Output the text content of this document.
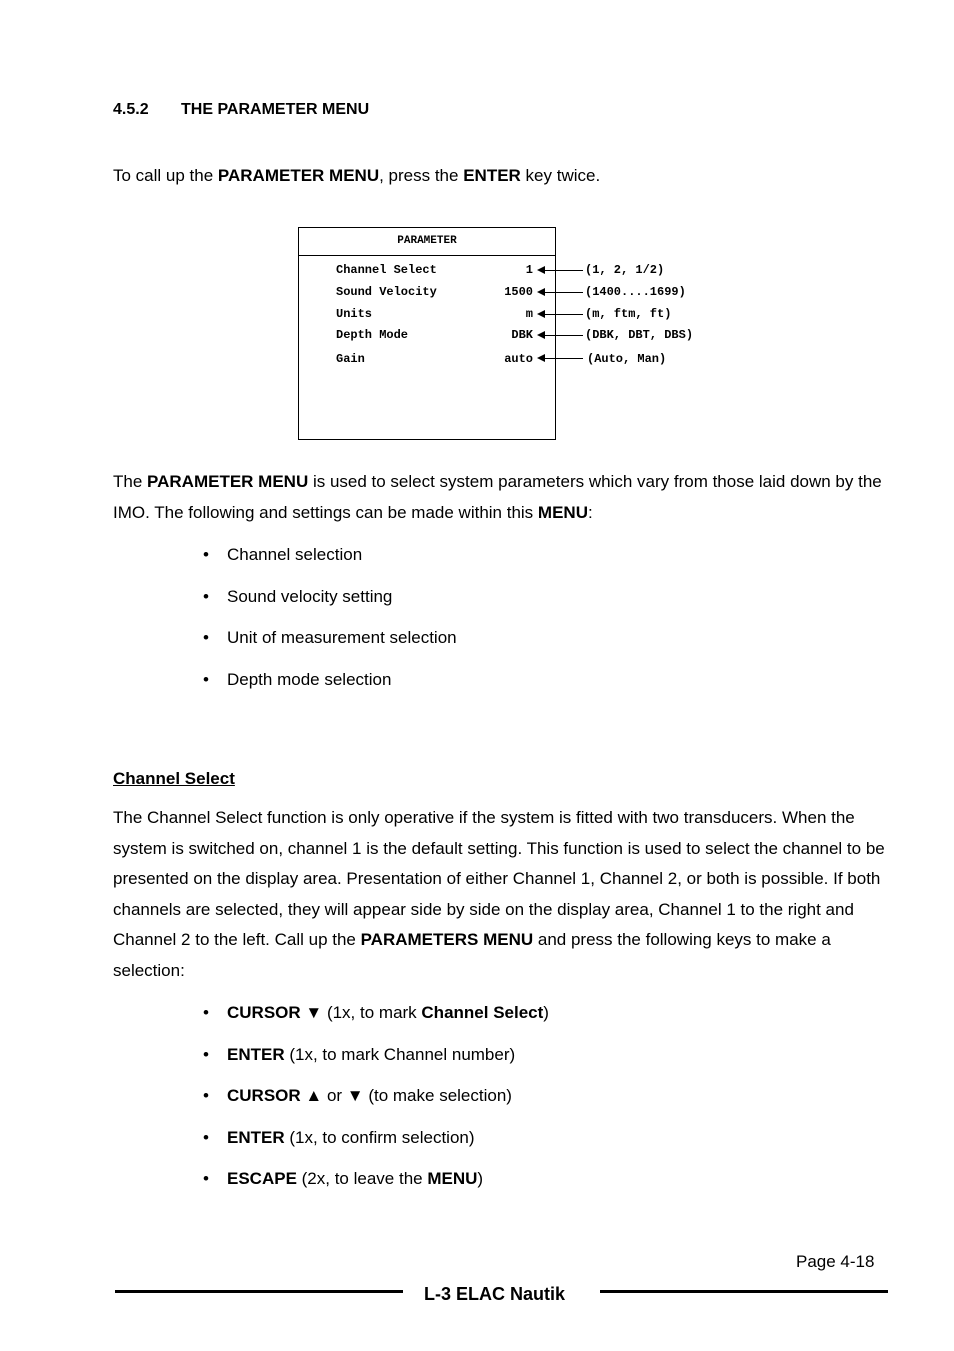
4.5.2 THE PARAMETER MENU
To call up the PARAMETER MENU, press the ENTER key twice.
PARAMETER
Channel Select	1	(1, 2, 1/2)
Sound Velocity	1500	(1400....1699)
Units	m	(m, ftm, ft)
Depth Mode	DBK	(DBK, DBT, DBS)
Gain	auto	(Auto, Man)
The PARAMETER MENU is used to select system parameters which vary from those laid down by the IMO. The following and settings can be made within this MENU:
• Channel selection
• Sound velocity setting
• Unit of measurement selection
• Depth mode selection
Channel Select
The Channel Select function is only operative if the system is fitted with two transducers. When the system is switched on, channel 1 is the default setting. This function is used to select the channel to be presented on the display area. Presentation of either Channel 1, Channel 2, or both is possible. If both channels are selected, they will appear side by side on the display area, Channel 1 to the right and Channel 2 to the left. Call up the PARAMETERS MENU and press the following keys to make a selection:
• CURSOR ▼ (1x, to mark Channel Select)
• ENTER (1x, to mark Channel number)
• CURSOR ▲ or ▼ (to make selection)
• ENTER (1x, to confirm selection)
• ESCAPE (2x, to leave the MENU)
Page 4-18
L-3 ELAC Nautik
